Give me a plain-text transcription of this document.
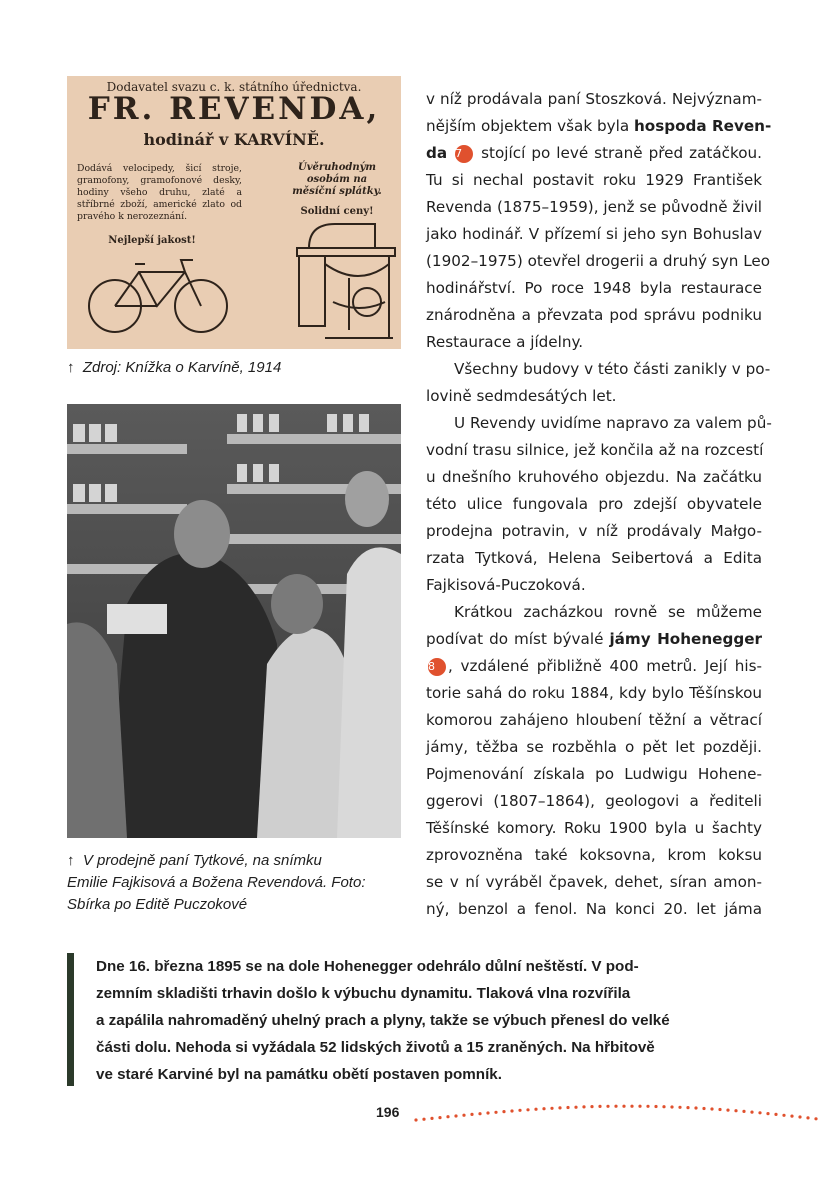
Dodavatel svazu c. k. státního úřednictva.
FR. REVENDA,
hodinář v KARVÍNĚ.
Dodává velocipedy, šicí stroje, gramofony, gramofonové desky, hodiny všeho druhu, zlaté a stříbrné zboží, americké zlato od pravého k nerozeznání.
Úvěruhodným osobám na měsíční splátky.
Solidní ceny!
Nejlepší jakost!
↑ Zdroj: Knížka o Karvíně, 1914
↑ V prodejně paní Tytkové, na snímku
Emilie Fajkisová a Božena Revendová. Foto:
Sbírka po Editě Puczokové
v níž prodávala paní Stoszková. Nejvýznam-
nějším objektem však byla hospoda Reven-
da 7 stojící po levé straně před zatáčkou.
Tu si nechal postavit roku 1929 František
Revenda (1875–1959), jenž se původně živil
jako hodinář. V přízemí si jeho syn Bohuslav
(1902–1975) otevřel drogerii a druhý syn Leo
hodinářství. Po roce 1948 byla restaurace
znárodněna a převzata pod správu podniku
Restaurace a jídelny.
Všechny budovy v této části zanikly v po-
lovině sedmdesátých let.
U Revendy uvidíme napravo za valem pů-
vodní trasu silnice, jež končila až na rozcestí
u dnešního kruhového objezdu. Na začátku
této ulice fungovala pro zdejší obyvatele
prodejna potravin, v níž prodávaly Małgo-
rzata Tytková, Helena Seibertová a Edita
Fajkisová-Puczoková.
Krátkou zacházkou rovně se můžeme
podívat do míst bývalé jámy Hohenegger
8 , vzdálené přibližně 400 metrů. Její his-
torie sahá do roku 1884, kdy bylo Těšínskou
komorou zahájeno hloubení těžní a větrací
jámy, těžba se rozběhla o pět let později.
Pojmenování získala po Ludwigu Hohene-
ggerovi (1807–1864), geologovi a řediteli
Těšínské komory. Roku 1900 byla u šachty
zprovozněna také koksovna, krom koksu
se v ní vyráběl čpavek, dehet, síran amon-
ný, benzol a fenol. Na konci 20. let jáma
Dne 16. března 1895 se na dole Hohenegger odehrálo důlní neštěstí. V pod-
zemním skladišti trhavin došlo k výbuchu dynamitu. Tlaková vlna rozvířila
a zapálila nahromaděný uhelný prach a plyny, takže se výbuch přenesl do velké
části dolu. Nehoda si vyžádala 52 lidských životů a 15 zraněných. Na hřbitově
ve staré Karviné byl na památku obětí postaven pomník.
196
